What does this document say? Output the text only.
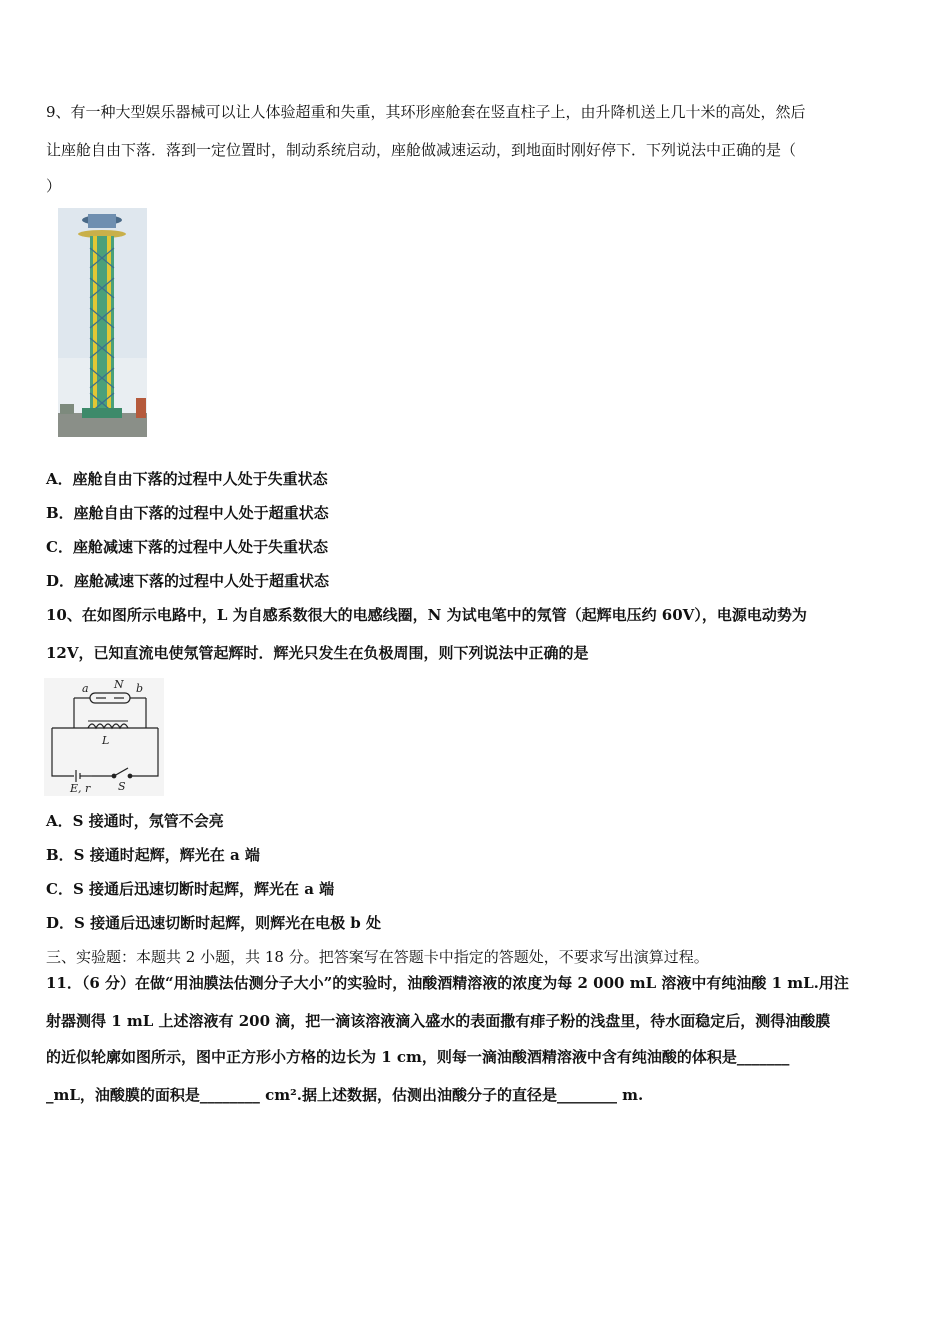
9、有一种大型娱乐器械可以让人体验超重和失重，其环形座舱套在竖直柱子上，由升降机送上几十米的高处，然后
让座舱自由下落．落到一定位置时，制动系统启动，座舱做减速运动，到地面时刚好停下．下列说法中正确的是（
）
A．座舱自由下落的过程中人处于失重状态
B．座舱自由下落的过程中人处于超重状态
C．座舱减速下落的过程中人处于失重状态
D．座舱减速下落的过程中人处于超重状态
10、在如图所示电路中，L 为自感系数很大的电感线圈，N 为试电笔中的氖管（起辉电压约 60V），电源电动势为
12V，已知直流电使氖管起辉时．辉光只发生在负极周围，则下列说法中正确的是
a N b
L
E, r	S
A．S 接通时，氖管不会亮
B．S 接通时起辉，辉光在 a 端
C．S 接通后迅速切断时起辉，辉光在 a 端
D．S 接通后迅速切断时起辉，则辉光在电极 b 处
三、实验题：本题共 2 小题，共 18 分。把答案写在答题卡中指定的答题处，不要求写出演算过程。
11．（6 分）在做“用油膜法估测分子大小”的实验时，油酸酒精溶液的浓度为每 2 000 mL 溶液中有纯油酸 1 mL.用注
射器测得 1 mL 上述溶液有 200 滴，把一滴该溶液滴入盛水的表面撒有痱子粉的浅盘里，待水面稳定后，测得油酸膜
的近似轮廓如图所示，图中正方形小方格的边长为 1 cm，则每一滴油酸酒精溶液中含有纯油酸的体积是_______
_mL，油酸膜的面积是________ cm².据上述数据，估测出油酸分子的直径是________ m.
